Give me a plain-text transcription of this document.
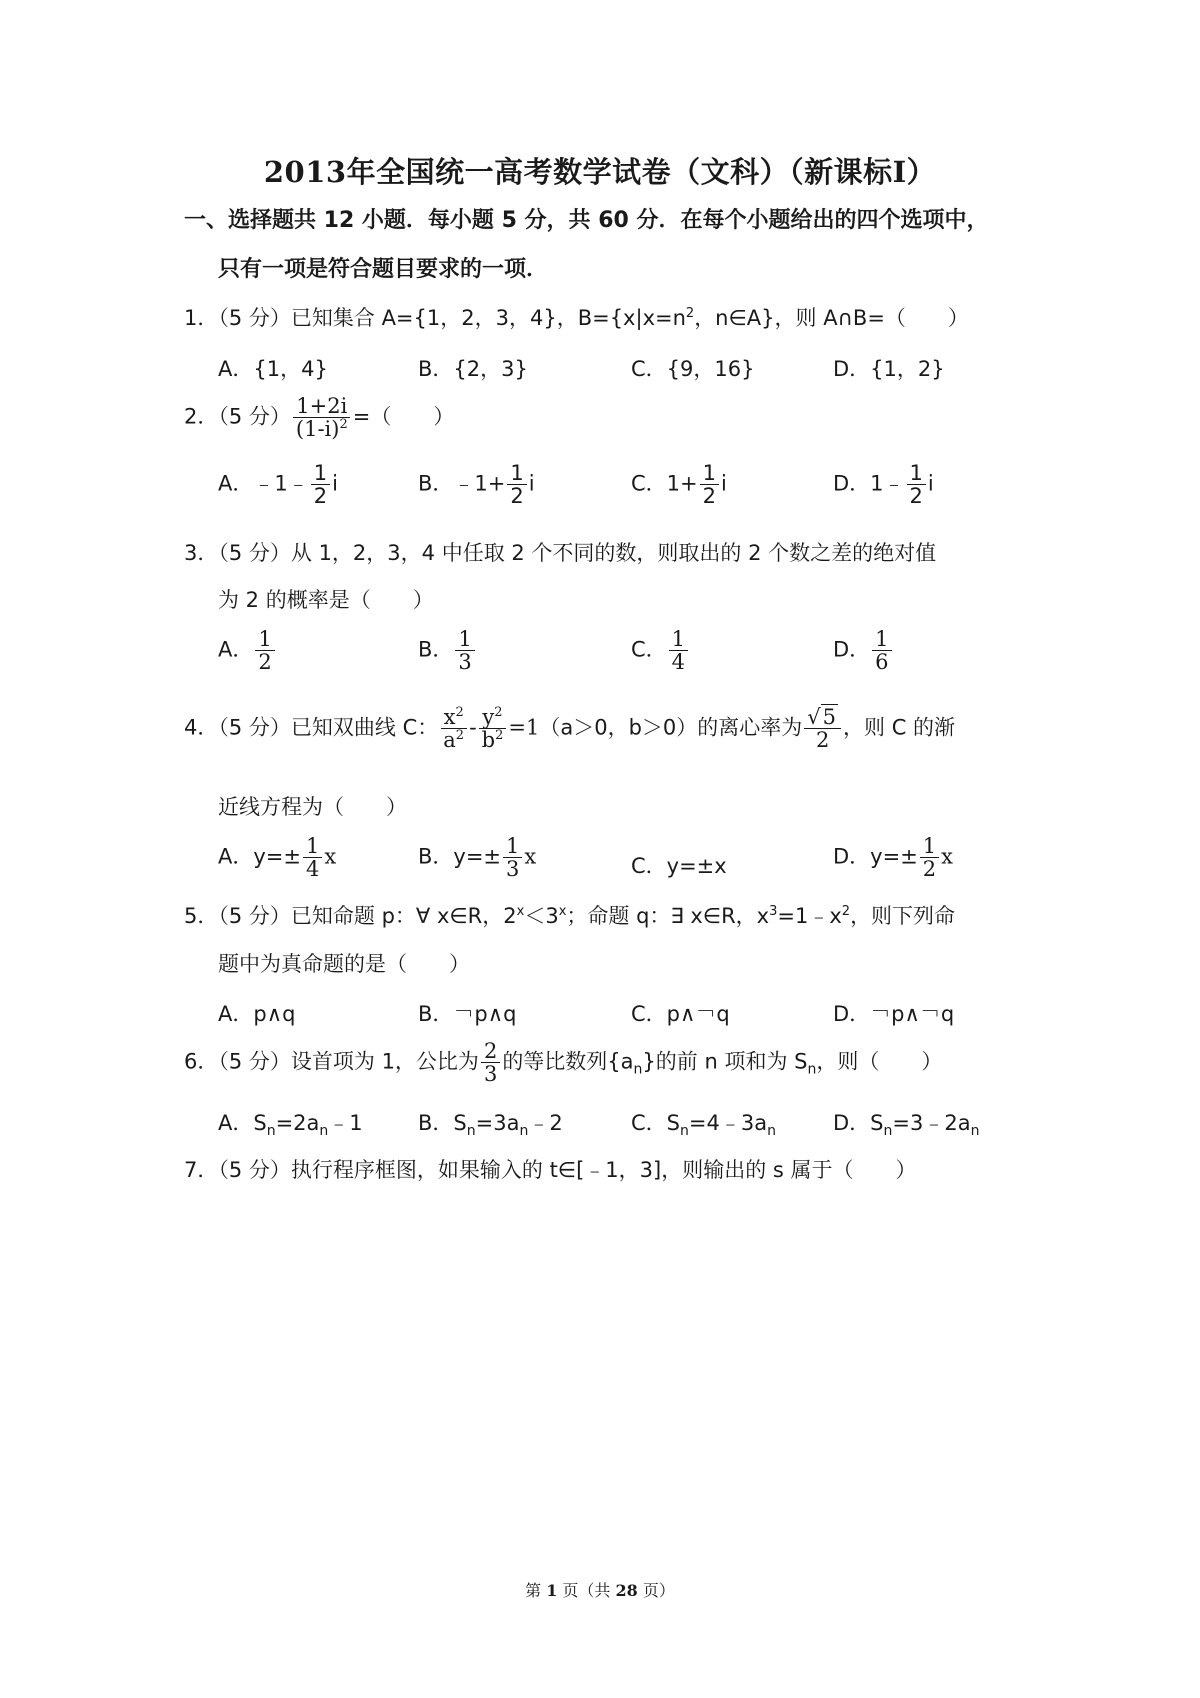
2013年全国统一高考数学试卷（文科）（新课标Ⅰ）
一、选择题共 12 小题．每小题 5 分，共 60 分．在每个小题给出的四个选项中，
只有一项是符合题目要求的一项．
1．（5 分）已知集合 A={1，2，3，4}，$B=\{x|x=n^2$，n∈A}，则 A∩B=（　　）
A．{1，4}	B．{2，3}	C．{9，16}	D．{1，2}
2．（5 分） $\frac{1+2i}{(1-i)^2}$ =（　　）
A．﹣1﹣ $\frac{1}{2}$ i	B．﹣1+ $\frac{1}{2}$ i	C．$1+ \frac{1}{2}$ i	D．1﹣ $\frac{1}{2}$ i
3．（5 分）从 1，2，3，4 中任取 2 个不同的数，则取出的 2 个数之差的绝对值
为 2 的概率是（　　）
A． $\frac{1}{2}$	B． $\frac{1}{3}$	C． $\frac{1}{4}$	D． $\frac{1}{6}$
4．（5 分）已知双曲线 C： $\frac{x^2}{a^2} - \frac{y^2}{b^2} =1(a>0$，b＞0）的离心率为 $\frac{√5}{2}$ ，则 C 的渐
近线方程为（　　）
A．$y=\pm \frac{1}{4}$ x	B．$y=\pm \frac{1}{3}$ x	C．y=±x	D．$y=\pm \frac{1}{2}$ x
5．（5 分）已知命题 p：∀ x∈R，$2^x<3^x$；命题 q：∃ x∈R，$x^3=1﹣x^2$，则下列命
题中为真命题的是（　　）
A．p∧q	B．￢p∧q	C．p∧￢q	D．￢p∧￢q
6．（5 分）设首项为 1，公比为 $\frac{2}{3}$ 的等比数列$\{a_n\}$的前 n 项和为 $S_n$，则（　　）
A．$S_n=2a_n﹣1$	B．$S_n=3a_n﹣2$	C．$S_n=4﹣3a_n$	D．$S_n=3﹣2a_n$
7．（5 分）执行程序框图，如果输入的 t∈[﹣1，3]，则输出的 s 属于（　　）
第 1 页（共 28 页）
